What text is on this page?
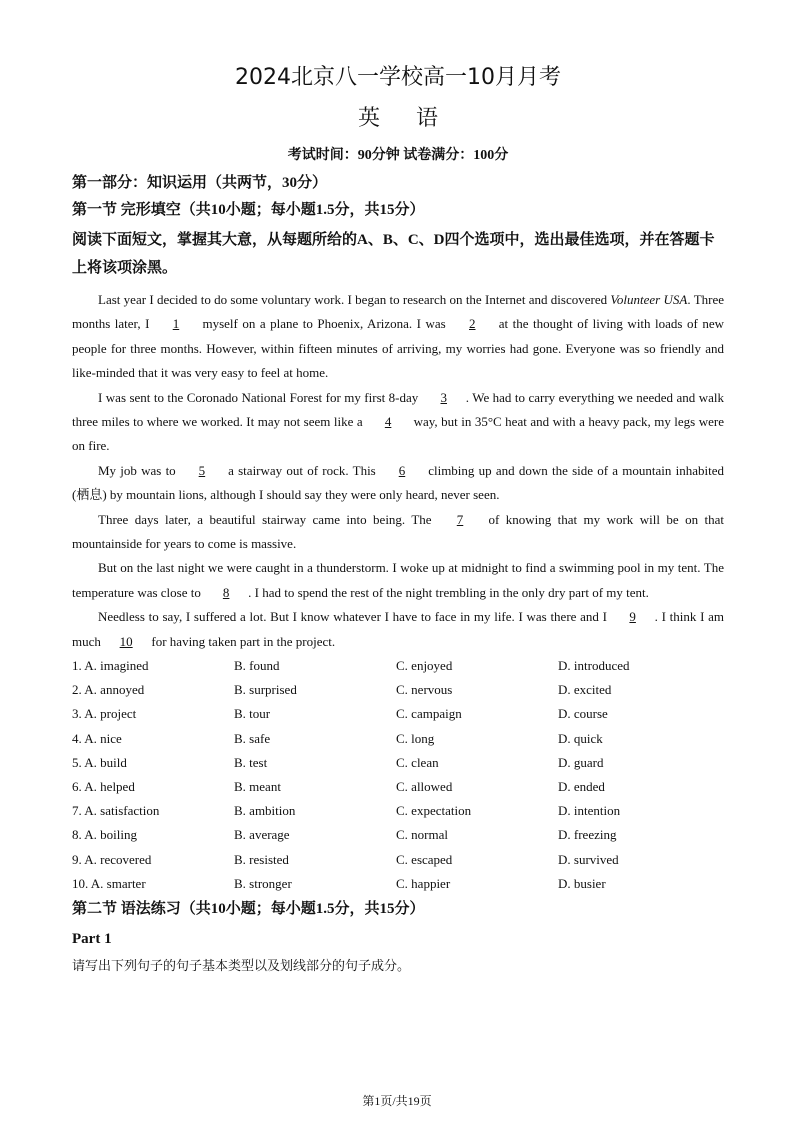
2024北京八一学校高一10月月考
英语
考试时间：90分钟 试卷满分：100分
第一部分：知识运用（共两节，30分）
第一节 完形填空（共10小题；每小题1.5分，共15分）
阅读下面短文，掌握其大意，从每题所给的A、B、C、D四个选项中，选出最佳选项，并在答题卡上将该项涂黑。

Last year I decided to do some voluntary work. I began to research on the Internet and discovered Volunteer USA. Three months later, I 1 myself on a plane to Phoenix, Arizona. I was 2 at the thought of living with loads of new people for three months. However, within fifteen minutes of arriving, my worries had gone. Everyone was so friendly and like-minded that it was very easy to feel at home.

I was sent to the Coronado National Forest for my first 8-day 3 . We had to carry everything we needed and walk three miles to where we worked. It may not seem like a 4 way, but in 35°C heat and with a heavy pack, my legs were on fire.

My job was to 5 a stairway out of rock. This 6 climbing up and down the side of a mountain inhabited (栖息) by mountain lions, although I should say they were only heard, never seen.

Three days later, a beautiful stairway came into being. The 7 of knowing that my work will be on that mountainside for years to come is massive.

But on the last night we were caught in a thunderstorm. I woke up at midnight to find a swimming pool in my tent. The temperature was close to 8 . I had to spend the rest of the night trembling in the only dry part of my tent.

Needless to say, I suffered a lot. But I know whatever I have to face in my life. I was there and I 9 . I think I am much 10 for having taken part in the project.

1. A. imagined	B. found	C. enjoyed	D. introduced
2. A. annoyed	B. surprised	C. nervous	D. excited
3. A. project	B. tour	C. campaign	D. course
4. A. nice	B. safe	C. long	D. quick
5. A. build	B. test	C. clean	D. guard
6. A. helped	B. meant	C. allowed	D. ended
7. A. satisfaction	B. ambition	C. expectation	D. intention
8. A. boiling	B. average	C. normal	D. freezing
9. A. recovered	B. resisted	C. escaped	D. survived
10. A. smarter	B. stronger	C. happier	D. busier
第二节 语法练习（共10小题；每小题1.5分，共15分）
Part 1
请写出下列句子的句子基本类型以及划线部分的句子成分。
第1页/共19页
